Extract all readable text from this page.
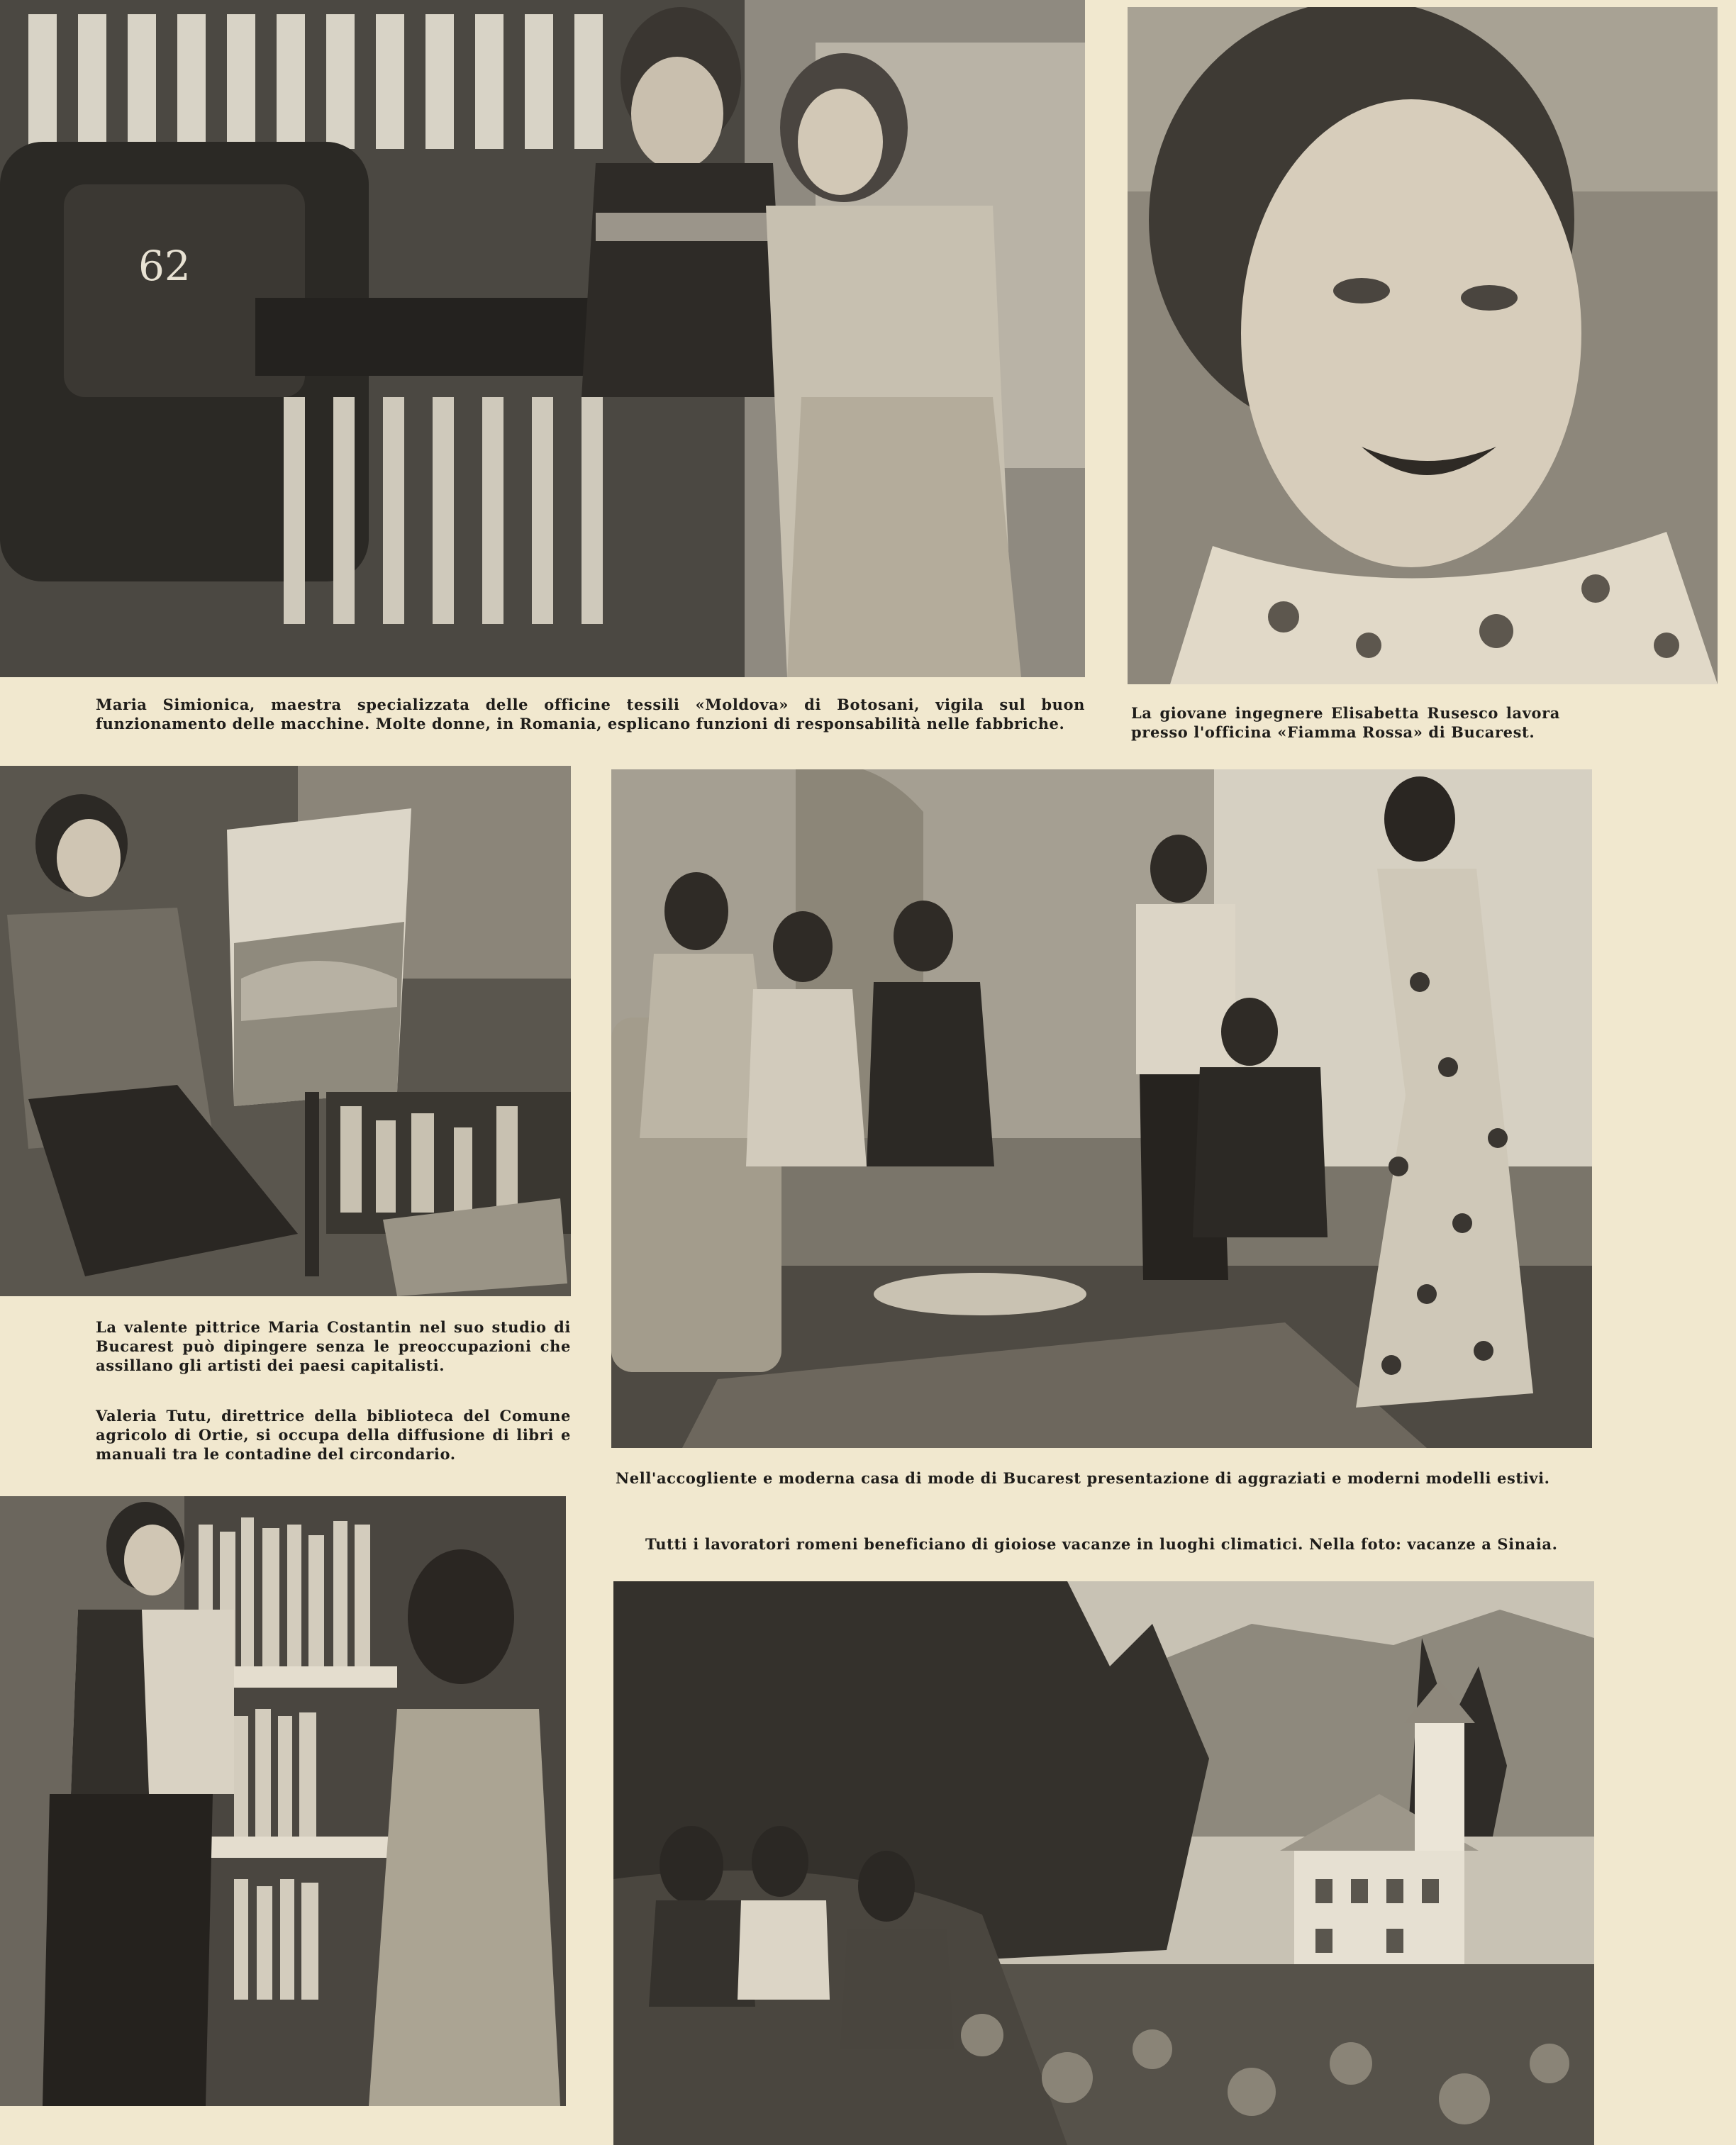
62
Maria Simionica, maestra specializzata delle officine tessili «Moldova» di Botosani, vigila sul buon funzionamento delle macchine. Molte donne, in Romania, esplicano funzioni di responsabilità nelle fabbriche.
La giovane ingegnere Elisabetta Rusesco lavora presso l'officina «Fiamma Rossa» di Bucarest.
La valente pittrice Maria Costantin nel suo studio di Bucarest può dipingere senza le preoccupazioni che assillano gli artisti dei paesi capitalisti.
Valeria Tutu, direttrice della biblioteca del Comune agricolo di Ortie, si occupa della diffusione di libri e manuali tra le contadine del circondario.
Nell'accogliente e moderna casa di mode di Bucarest presentazione di aggraziati e moderni modelli estivi.
Tutti i lavoratori romeni beneficiano di gioiose vacanze in luoghi climatici. Nella foto: vacanze a Sinaia.
